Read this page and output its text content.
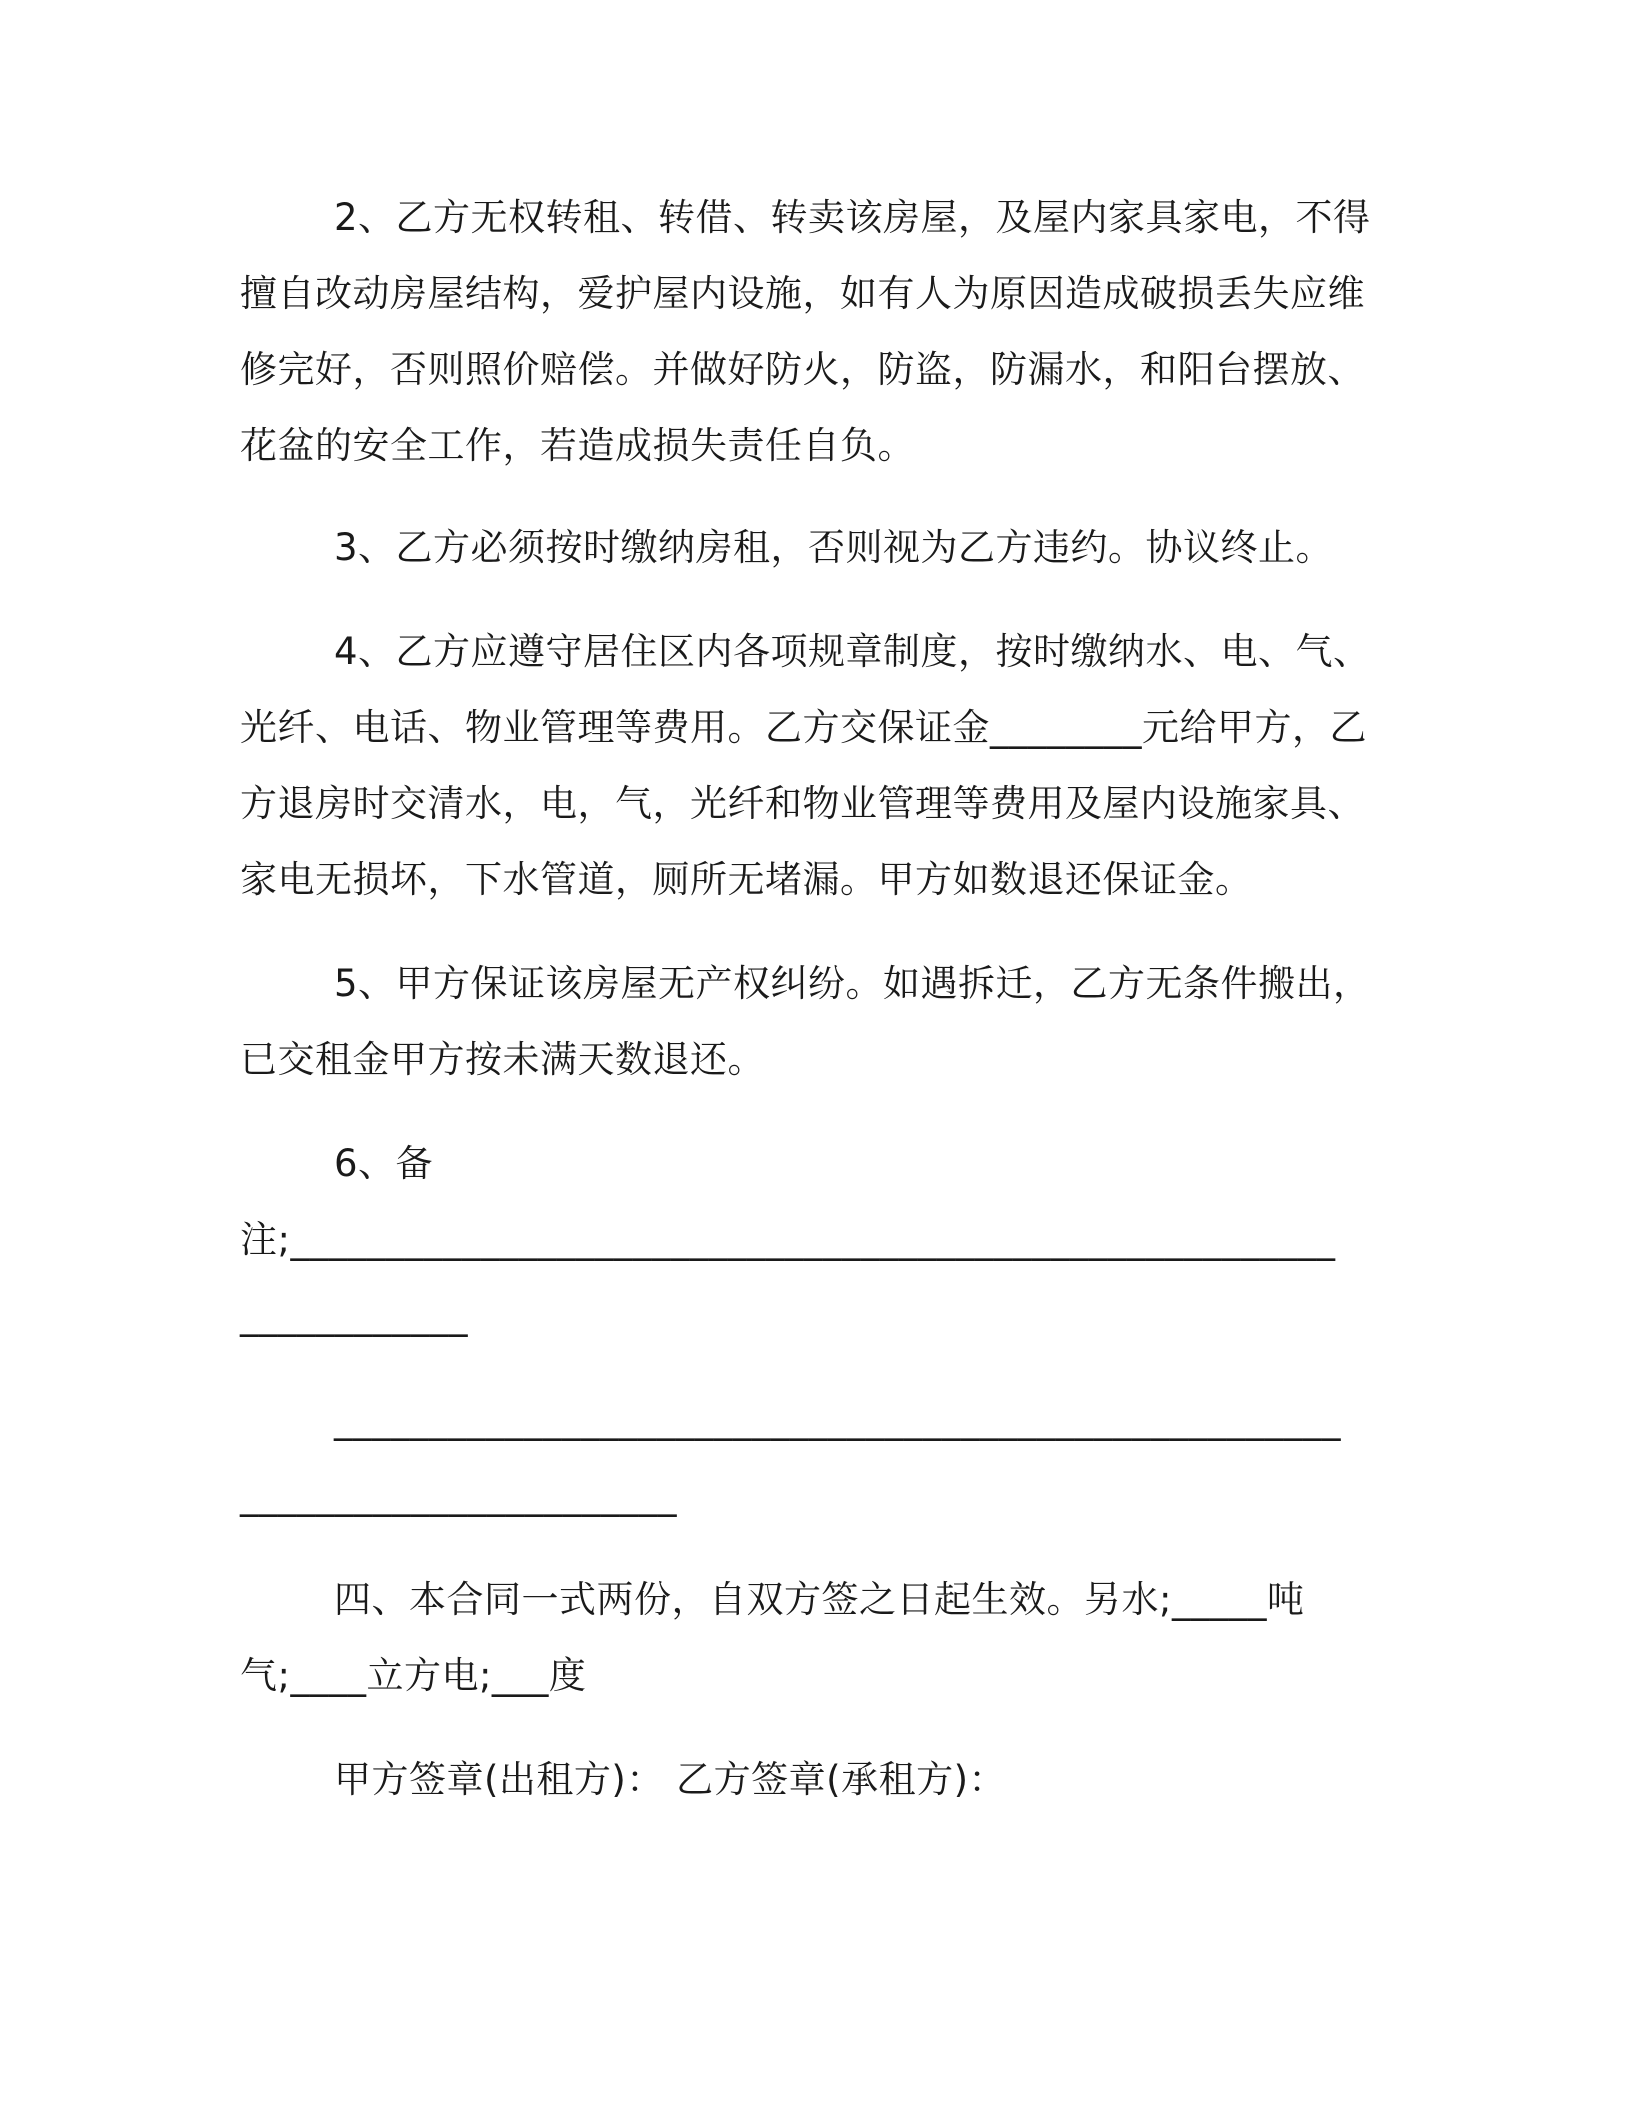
2、乙方无权转租、转借、转卖该房屋，及屋内家具家电，不得
擅自改动房屋结构，爱护屋内设施，如有人为原因造成破损丢失应维
修完好，否则照价赔偿。并做好防火，防盗，防漏水，和阳台摆放、
花盆的安全工作，若造成损失责任自负。
3、乙方必须按时缴纳房租，否则视为乙方违约。协议终止。
4、乙方应遵守居住区内各项规章制度，按时缴纳水、电、气、
光纤、电话、物业管理等费用。乙方交保证金________元给甲方，乙
方退房时交清水，电，气，光纤和物业管理等费用及屋内设施家具、
家电无损坏，下水管道，厕所无堵漏。甲方如数退还保证金。
5、甲方保证该房屋无产权纠纷。如遇拆迁，乙方无条件搬出，
已交租金甲方按未满天数退还。
6、备
注;_______________________________________________________
____________
_____________________________________________________
_______________________
四、本合同一式两份，自双方签之日起生效。另水;_____吨
气;____立方电;___度
甲方签章(出租方)： 乙方签章(承租方)：
